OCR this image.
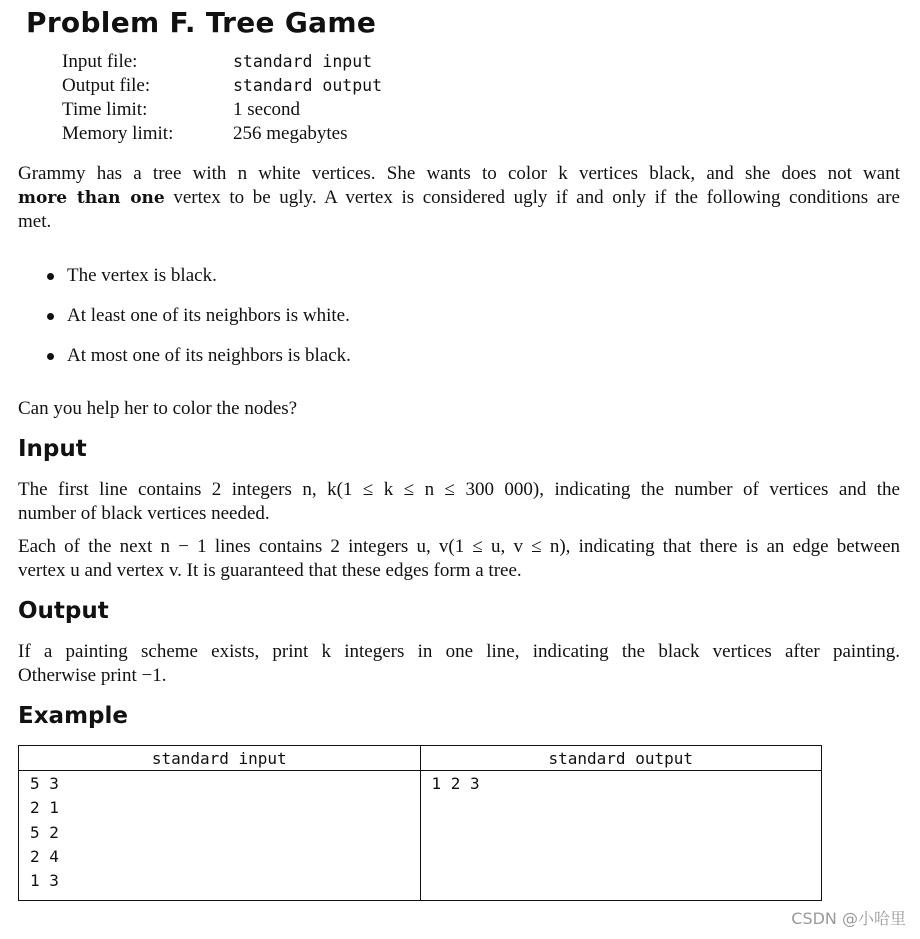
Problem F. Tree Game
Input file:	standard input
Output file:	standard output
Time limit:	1 second
Memory limit:	256 megabytes
Grammy has a tree with n white vertices. She wants to color k vertices black, and she does not want
more than one vertex to be ugly. A vertex is considered ugly if and only if the following conditions are
met.
The vertex is black.
At least one of its neighbors is white.
At most one of its neighbors is black.
Can you help her to color the nodes?
Input
The first line contains 2 integers n, k(1 ≤ k ≤ n ≤ 300 000), indicating the number of vertices and the
number of black vertices needed.
Each of the next n − 1 lines contains 2 integers u, v(1 ≤ u, v ≤ n), indicating that there is an edge between
vertex u and vertex v. It is guaranteed that these edges form a tree.
Output
If a painting scheme exists, print k integers in one line, indicating the black vertices after painting.
Otherwise print −1.
Example
standard input	standard output

5 3
2 1
5 2
2 4
1 3	1 2 3
CSDN @小哈里
